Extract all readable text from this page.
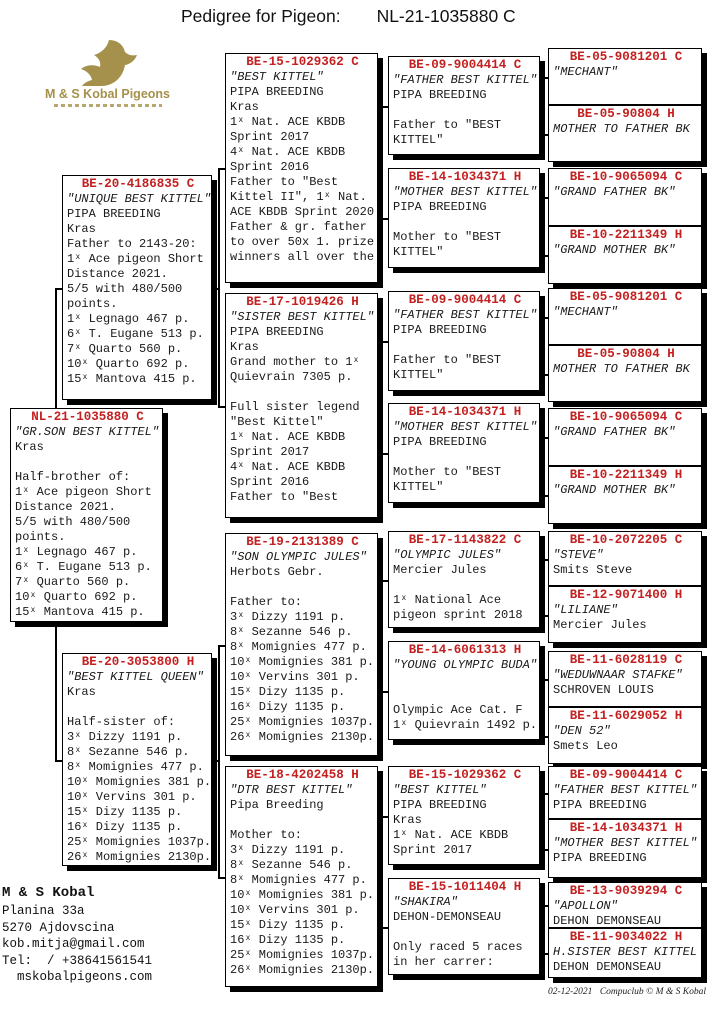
Pedigree for Pigeon: NL-21-1035880 C
M & S Kobal Pigeons
NL-21-1035880 C
"GR.SON BEST KITTEL"
Kras
Half-brother of:
1ˣ Ace pigeon Short
Distance 2021.
5/5 with 480/500
points.
1ˣ Legnago 467 p.
6ˣ T. Eugane 513 p.
7ˣ Quarto 560 p.
10ˣ Quarto 692 p.
15ˣ Mantova 415 p.
BE-20-4186835 C
"UNIQUE BEST KITTEL"
PIPA BREEDING
Kras
Father to 2143-20:
1ˣ Ace pigeon Short
Distance 2021.
5/5 with 480/500
points.
1ˣ Legnago 467 p.
6ˣ T. Eugane 513 p.
7ˣ Quarto 560 p.
10ˣ Quarto 692 p.
15ˣ Mantova 415 p.
BE-20-3053800 H
"BEST KITTEL QUEEN"
Kras
Half-sister of:
3ˣ Dizzy 1191 p.
8ˣ Sezanne 546 p.
8ˣ Momignies 477 p.
10ˣ Momignies 381 p.
10ˣ Vervins 301 p.
15ˣ Dizy 1135 p.
16ˣ Dizy 1135 p.
25ˣ Momignies 1037p.
26ˣ Momignies 2130p.
BE-15-1029362 C
"BEST KITTEL"
PIPA BREEDING
Kras
1ˣ Nat. ACE KBDB
Sprint 2017
4ˣ Nat. ACE KBDB
Sprint 2016
Father to "Best
Kittel II", 1ˣ Nat.
ACE KBDB Sprint 2020
Father & gr. father
to over 50x 1. prize
winners all over the
BE-17-1019426 H
"SISTER BEST KITTEL"
PIPA BREEDING
Kras
Grand mother to 1ˣ
Quievrain 7305 p.
Full sister legend
"Best Kittel"
1ˣ Nat. ACE KBDB
Sprint 2017
4ˣ Nat. ACE KBDB
Sprint 2016
Father to "Best
BE-19-2131389 C
"SON OLYMPIC JULES"
Herbots Gebr.
Father to:
3ˣ Dizzy 1191 p.
8ˣ Sezanne 546 p.
8ˣ Momignies 477 p.
10ˣ Momignies 381 p.
10ˣ Vervins 301 p.
15ˣ Dizy 1135 p.
16ˣ Dizy 1135 p.
25ˣ Momignies 1037p.
26ˣ Momignies 2130p.
BE-18-4202458 H
"DTR BEST KITTEL"
Pipa Breeding
Mother to:
3ˣ Dizzy 1191 p.
8ˣ Sezanne 546 p.
8ˣ Momignies 477 p.
10ˣ Momignies 381 p.
10ˣ Vervins 301 p.
15ˣ Dizy 1135 p.
16ˣ Dizy 1135 p.
25ˣ Momignies 1037p.
26ˣ Momignies 2130p.
BE-09-9004414 C
"FATHER BEST KITTEL"
PIPA BREEDING
Father to "BEST
KITTEL"
BE-14-1034371 H
"MOTHER BEST KITTEL"
PIPA BREEDING
Mother to "BEST
KITTEL"
BE-09-9004414 C
"FATHER BEST KITTEL"
PIPA BREEDING
Father to "BEST
KITTEL"
BE-14-1034371 H
"MOTHER BEST KITTEL"
PIPA BREEDING
Mother to "BEST
KITTEL"
BE-17-1143822 C
"OLYMPIC JULES"
Mercier Jules
1ˣ National Ace
pigeon sprint 2018
BE-14-6061313 H
"YOUNG OLYMPIC BUDA"
Olympic Ace Cat. F
1ˣ Quievrain 1492 p.
BE-15-1029362 C
"BEST KITTEL"
PIPA BREEDING
Kras
1ˣ Nat. ACE KBDB
Sprint 2017
BE-15-1011404 H
"SHAKIRA"
DEHON-DEMONSEAU
Only raced 5 races
in her carrer:
BE-05-9081201 C
"MECHANT"
BE-05-90804 H
MOTHER TO FATHER BK
BE-10-9065094 C
"GRAND FATHER BK"
BE-10-2211349 H
"GRAND MOTHER BK"
BE-05-9081201 C
"MECHANT"
BE-05-90804 H
MOTHER TO FATHER BK
BE-10-9065094 C
"GRAND FATHER BK"
BE-10-2211349 H
"GRAND MOTHER BK"
BE-10-2072205 C
"STEVE"
Smits Steve
BE-12-9071400 H
"LILIANE"
Mercier Jules
BE-11-6028119 C
"WEDUWNAAR STAFKE"
SCHROVEN LOUIS
BE-11-6029052 H
"DEN 52"
Smets Leo
BE-09-9004414 C
"FATHER BEST KITTEL"
PIPA BREEDING
BE-14-1034371 H
"MOTHER BEST KITTEL"
PIPA BREEDING
BE-13-9039294 C
"APOLLON"
DEHON DEMONSEAU
BE-11-9034022 H
H.SISTER BEST KITTEL
DEHON DEMONSEAU
M & S Kobal
Planina 33a
5270 Ajdovscina
kob.mitja@gmail.com
Tel:  / +38641561541
mskobalpigeons.com
02-12-2021 Compuclub © M & S Kobal
